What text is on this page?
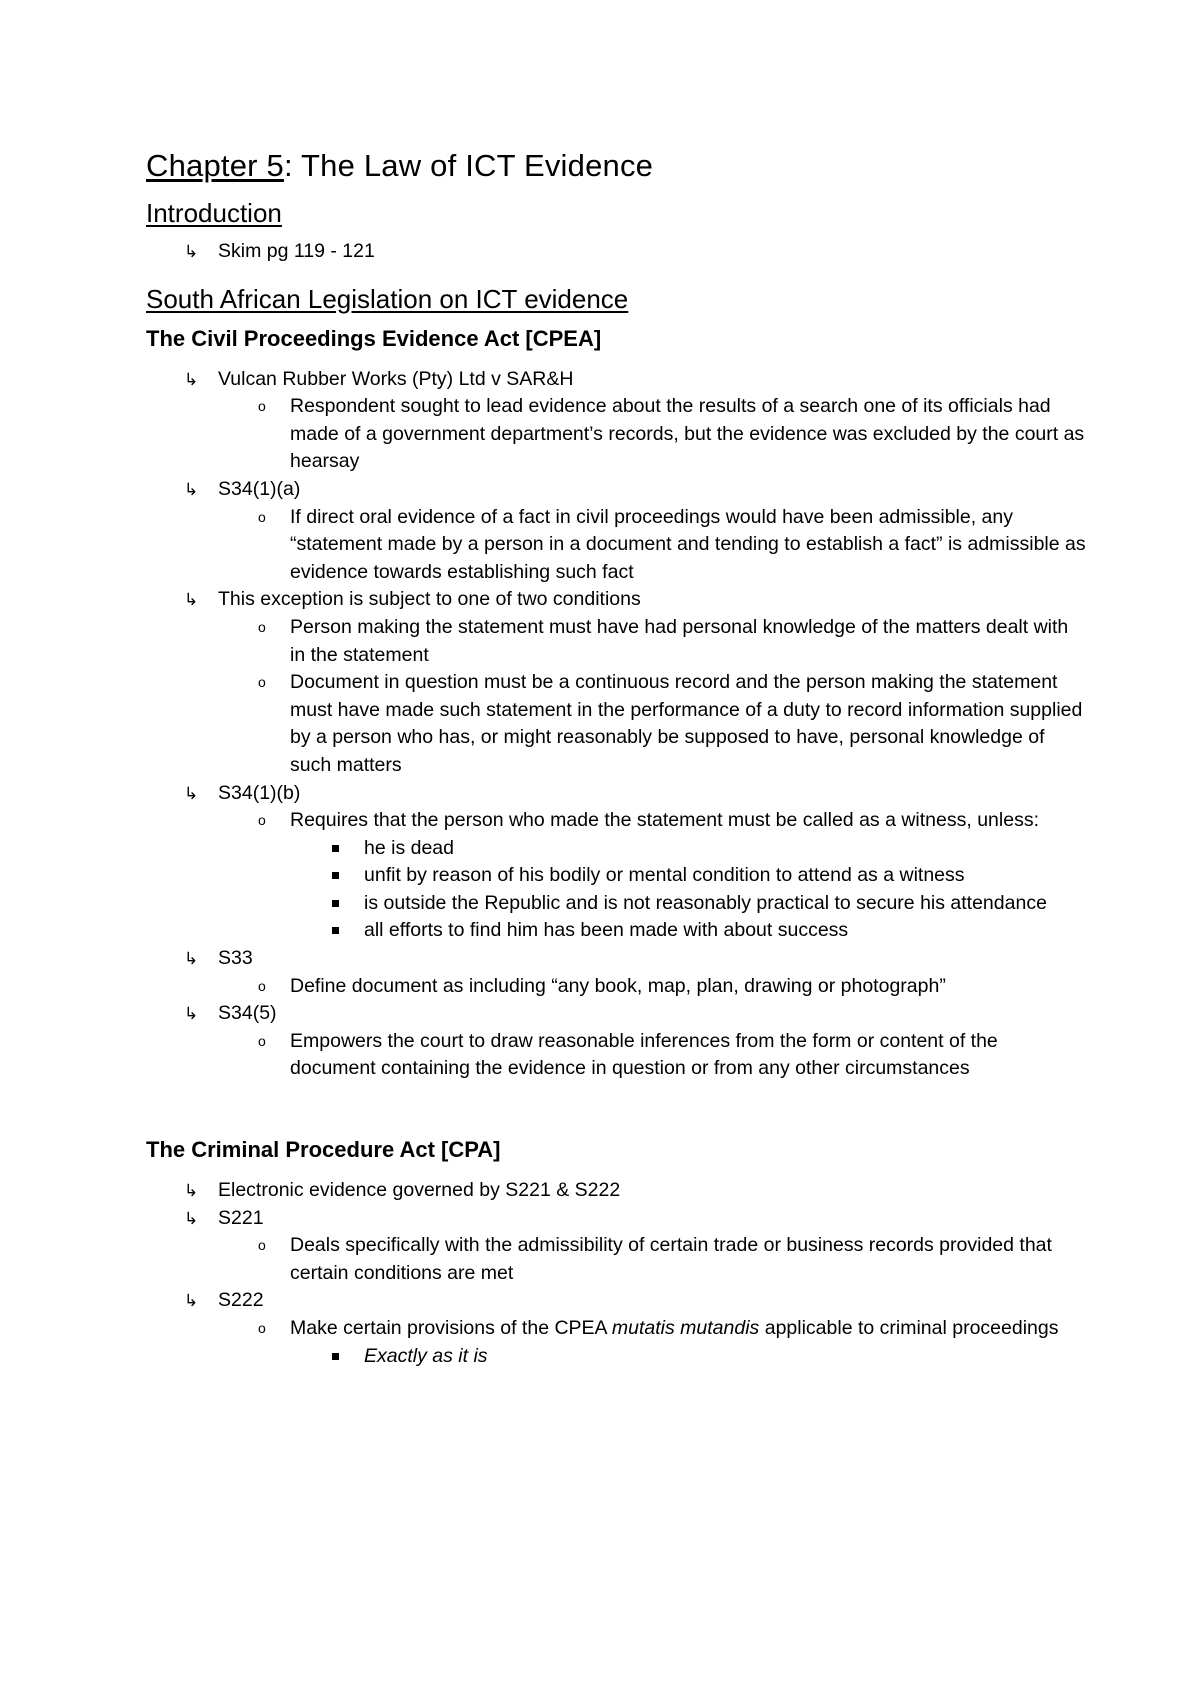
Chapter 5: The Law of ICT Evidence
Introduction
↳ Skim pg 119 - 121
South African Legislation on ICT evidence
The Civil Proceedings Evidence Act [CPEA]
↳ Vulcan Rubber Works (Pty) Ltd v SAR&H
o Respondent sought to lead evidence about the results of a search one of its officials had made of a government department’s records, but the evidence was excluded by the court as hearsay
↳ S34(1)(a)
o If direct oral evidence of a fact in civil proceedings would have been admissible, any “statement made by a person in a document and tending to establish a fact” is admissible as evidence towards establishing such fact
↳ This exception is subject to one of two conditions
o Person making the statement must have had personal knowledge of the matters dealt with in the statement
o Document in question must be a continuous record and the person making the statement must have made such statement in the performance of a duty to record information supplied by a person who has, or might reasonably be supposed to have, personal knowledge of such matters
↳ S34(1)(b)
o Requires that the person who made the statement must be called as a witness, unless:
he is dead
unfit by reason of his bodily or mental condition to attend as a witness
is outside the Republic and is not reasonably practical to secure his attendance
all efforts to find him has been made with about success
↳ S33
o Define document as including “any book, map, plan, drawing or photograph”
↳ S34(5)
o Empowers the court to draw reasonable inferences from the form or content of the document containing the evidence in question or from any other circumstances
The Criminal Procedure Act [CPA]
↳ Electronic evidence governed by S221 & S222
↳ S221
o Deals specifically with the admissibility of certain trade or business records provided that certain conditions are met
↳ S222
o Make certain provisions of the CPEA mutatis mutandis applicable to criminal proceedings
Exactly as it is
